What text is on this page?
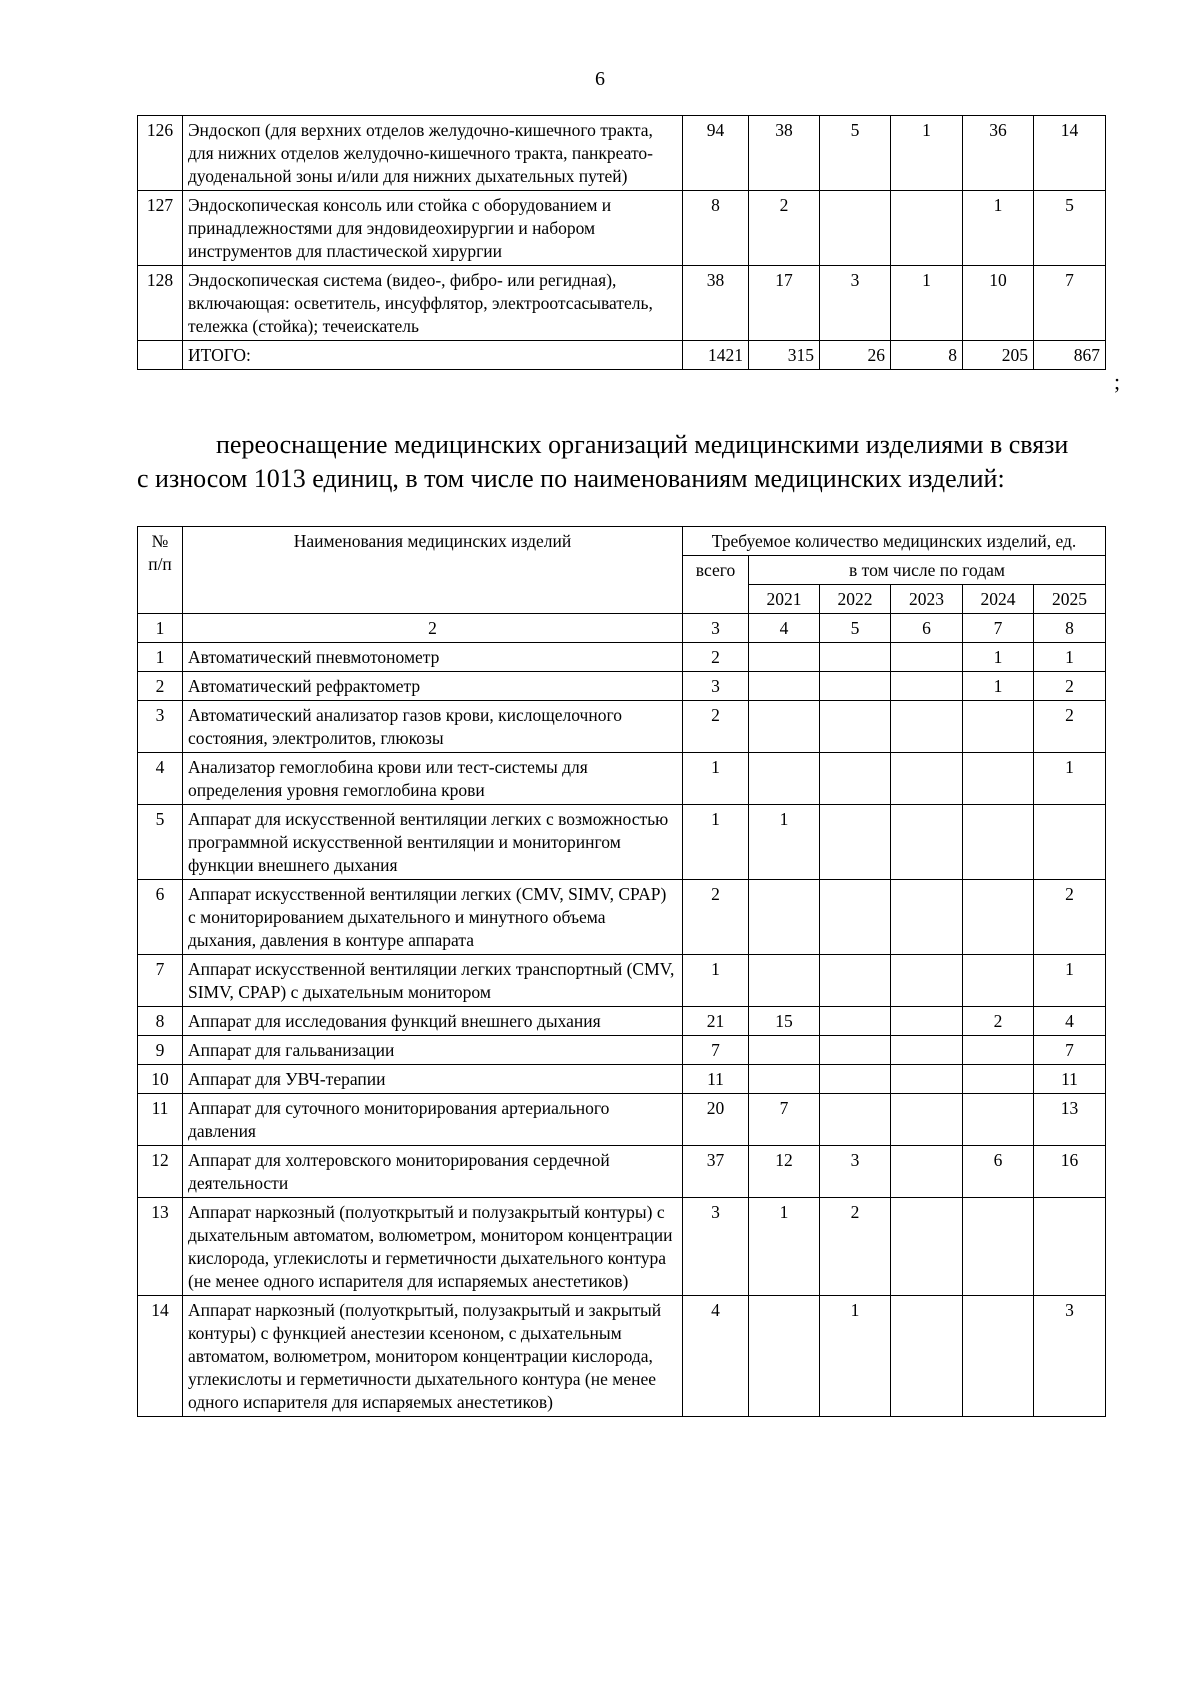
6
126	Эндоскоп (для верхних отделов желудочно-кишечного тракта, для нижних отделов желудочно-кишечного тракта, панкреато-дуоденальной зоны и/или для нижних дыхательных путей)	94	38	5	1	36	14
127	Эндоскопическая консоль или стойка с оборудованием и принадлежностями для эндовидеохирургии и набором инструментов для пластической хирургии	8	2			1	5
128	Эндоскопическая система (видео-, фибро- или регидная), включающая: осветитель, инсуффлятор, электроотсасыватель, тележка (стойка); течеискатель	38	17	3	1	10	7
	ИТОГО:	1421	315	26	8	205	867
;
переоснащение медицинских организаций медицинскими изделиями в связи
с износом 1013 единиц, в том числе по наименованиям медицинских изделий:
№ п/п	Наименования медицинских изделий	Требуемое количество медицинских изделий, ед.					
		всего	в том числе по годам				
			2021	2022	2023	2024	2025
1	2	3	4	5	6	7	8
1	Автоматический пневмотонометр	2				1	1
2	Автоматический рефрактометр	3				1	2
3	Автоматический анализатор газов крови, кислощелочного состояния, электролитов, глюкозы	2					2
4	Анализатор гемоглобина крови или тест-системы для определения уровня гемоглобина крови	1					1
5	Аппарат для искусственной вентиляции легких с возможностью программной искусственной вентиляции и мониторингом функции внешнего дыхания	1	1				
6	Аппарат искусственной вентиляции легких (CMV, SIMV, CPAP) с мониторированием дыхательного и минутного объема дыхания, давления в контуре аппарата	2					2
7	Аппарат искусственной вентиляции легких транспортный (CMV, SIMV, CPAP) с дыхательным монитором	1					1
8	Аппарат для исследования функций внешнего дыхания	21	15			2	4
9	Аппарат для гальванизации	7					7
10	Аппарат для УВЧ-терапии	11					11
11	Аппарат для суточного мониторирования артериального давления	20	7				13
12	Аппарат для холтеровского мониторирования сердечной деятельности	37	12	3		6	16
13	Аппарат наркозный (полуоткрытый и полузакрытый контуры) с дыхательным автоматом, волюметром, монитором концентрации кислорода, углекислоты и герметичности дыхательного контура (не менее одного испарителя для испаряемых анестетиков)	3	1	2			
14	Аппарат наркозный (полуоткрытый, полузакрытый и закрытый контуры) с функцией анестезии ксеноном, с дыхательным автоматом, волюметром, монитором концентрации кислорода, углекислоты и герметичности дыхательного контура (не менее одного испарителя для испаряемых анестетиков)	4		1			3
